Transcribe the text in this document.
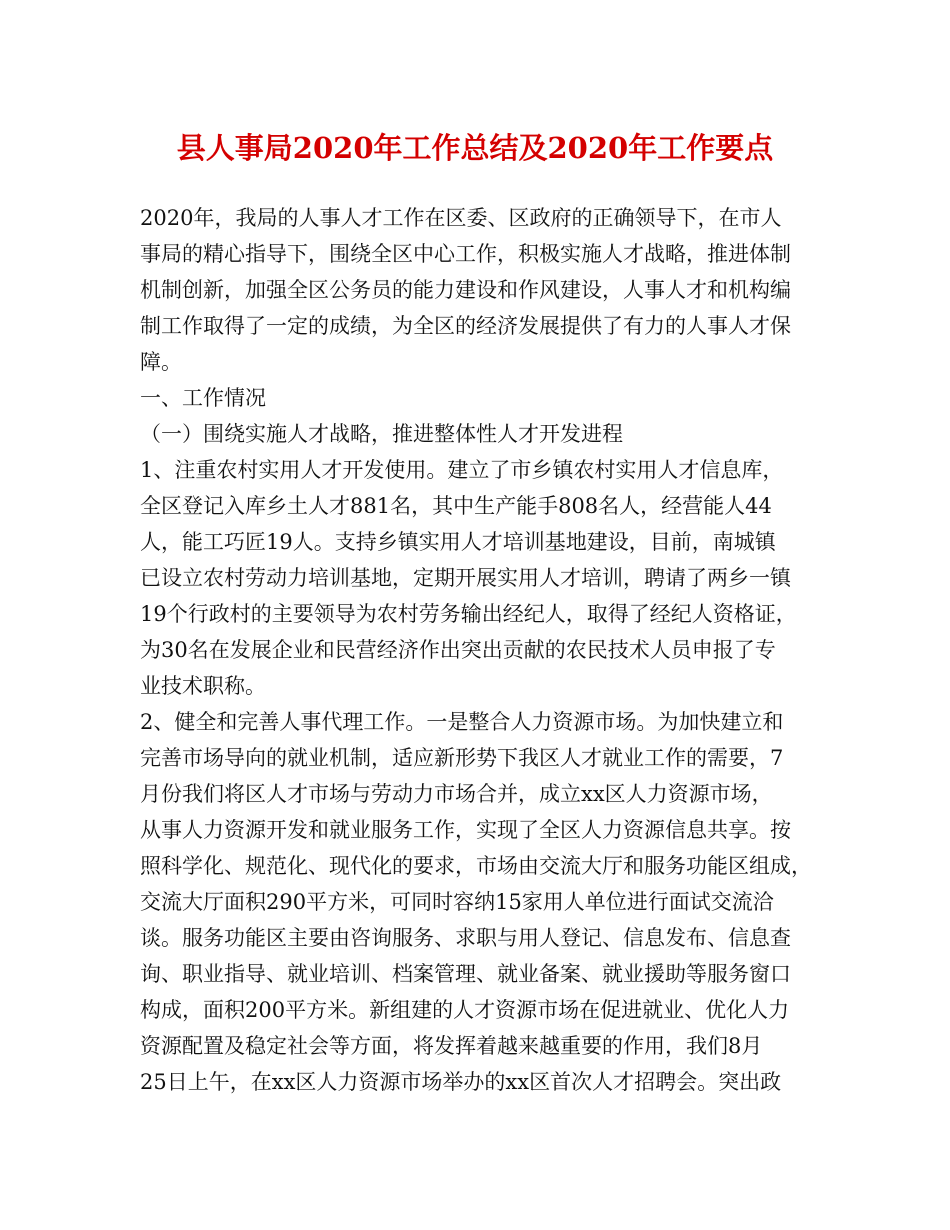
县人事局2020年工作总结及2020年工作要点
2020年，我局的人事人才工作在区委、区政府的正确领导下，在市人
事局的精心指导下，围绕全区中心工作，积极实施人才战略，推进体制
机制创新，加强全区公务员的能力建设和作风建设，人事人才和机构编
制工作取得了一定的成绩，为全区的经济发展提供了有力的人事人才保
障。
一、工作情况
（一）围绕实施人才战略，推进整体性人才开发进程
1、注重农村实用人才开发使用。建立了市乡镇农村实用人才信息库，
全区登记入库乡土人才881名，其中生产能手808名人，经营能人44
人，能工巧匠19人。支持乡镇实用人才培训基地建设，目前，南城镇
已设立农村劳动力培训基地，定期开展实用人才培训，聘请了两乡一镇
19个行政村的主要领导为农村劳务输出经纪人，取得了经纪人资格证，
为30名在发展企业和民营经济作出突出贡献的农民技术人员申报了专
业技术职称。
2、健全和完善人事代理工作。一是整合人力资源市场。为加快建立和
完善市场导向的就业机制，适应新形势下我区人才就业工作的需要，7
月份我们将区人才市场与劳动力市场合并，成立xx区人力资源市场，
从事人力资源开发和就业服务工作，实现了全区人力资源信息共享。按
照科学化、规范化、现代化的要求，市场由交流大厅和服务功能区组成，
交流大厅面积290平方米，可同时容纳15家用人单位进行面试交流洽
谈。服务功能区主要由咨询服务、求职与用人登记、信息发布、信息查
询、职业指导、就业培训、档案管理、就业备案、就业援助等服务窗口
构成，面积200平方米。新组建的人才资源市场在促进就业、优化人力
资源配置及稳定社会等方面，将发挥着越来越重要的作用，我们8月
25日上午，在xx区人力资源市场举办的xx区首次人才招聘会。突出政
